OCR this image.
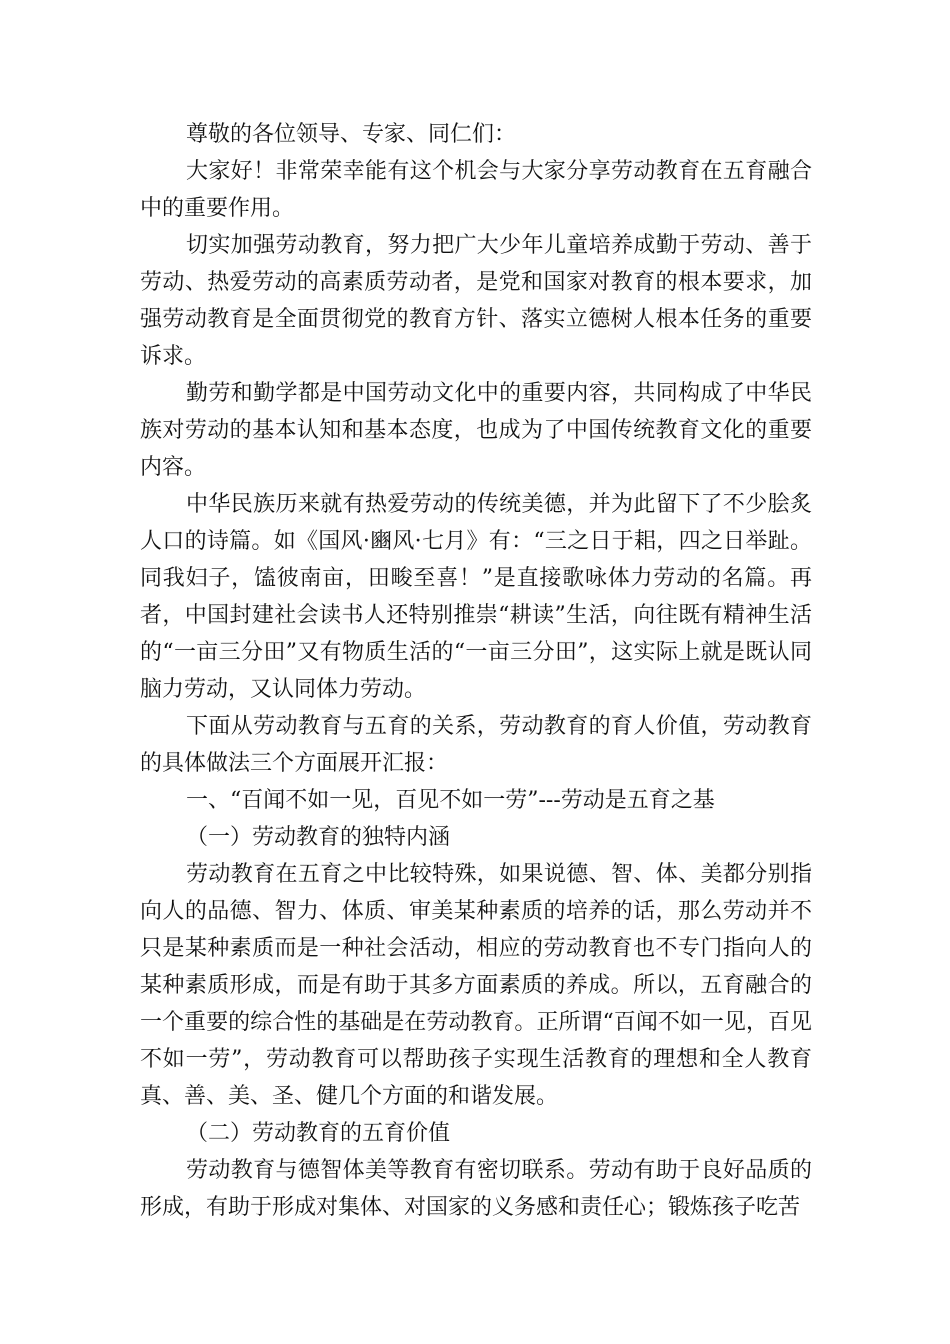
尊敬的各位领导、专家、同仁们：

大家好！非常荣幸能有这个机会与大家分享劳动教育在五育融合中的重要作用。

切实加强劳动教育，努力把广大少年儿童培养成勤于劳动、善于劳动、热爱劳动的高素质劳动者，是党和国家对教育的根本要求，加强劳动教育是全面贯彻党的教育方针、落实立德树人根本任务的重要诉求。

勤劳和勤学都是中国劳动文化中的重要内容，共同构成了中华民族对劳动的基本认知和基本态度，也成为了中国传统教育文化的重要内容。

中华民族历来就有热爱劳动的传统美德，并为此留下了不少脍炙人口的诗篇。如《国风·豳风·七月》有：“三之日于耜，四之日举趾。同我妇子，馌彼南亩，田畯至喜！”是直接歌咏体力劳动的名篇。再者，中国封建社会读书人还特别推崇“耕读”生活，向往既有精神生活的“一亩三分田”又有物质生活的“一亩三分田”，这实际上就是既认同脑力劳动，又认同体力劳动。

下面从劳动教育与五育的关系，劳动教育的育人价值，劳动教育的具体做法三个方面展开汇报：

一、“百闻不如一见，百见不如一劳”---劳动是五育之基

（一）劳动教育的独特内涵

劳动教育在五育之中比较特殊，如果说德、智、体、美都分别指向人的品德、智力、体质、审美某种素质的培养的话，那么劳动并不只是某种素质而是一种社会活动，相应的劳动教育也不专门指向人的某种素质形成，而是有助于其多方面素质的养成。所以，五育融合的一个重要的综合性的基础是在劳动教育。正所谓“百闻不如一见，百见不如一劳”，劳动教育可以帮助孩子实现生活教育的理想和全人教育真、善、美、圣、健几个方面的和谐发展。

（二）劳动教育的五育价值

劳动教育与德智体美等教育有密切联系。劳动有助于良好品质的形成，有助于形成对集体、对国家的义务感和责任心；锻炼孩子吃苦
